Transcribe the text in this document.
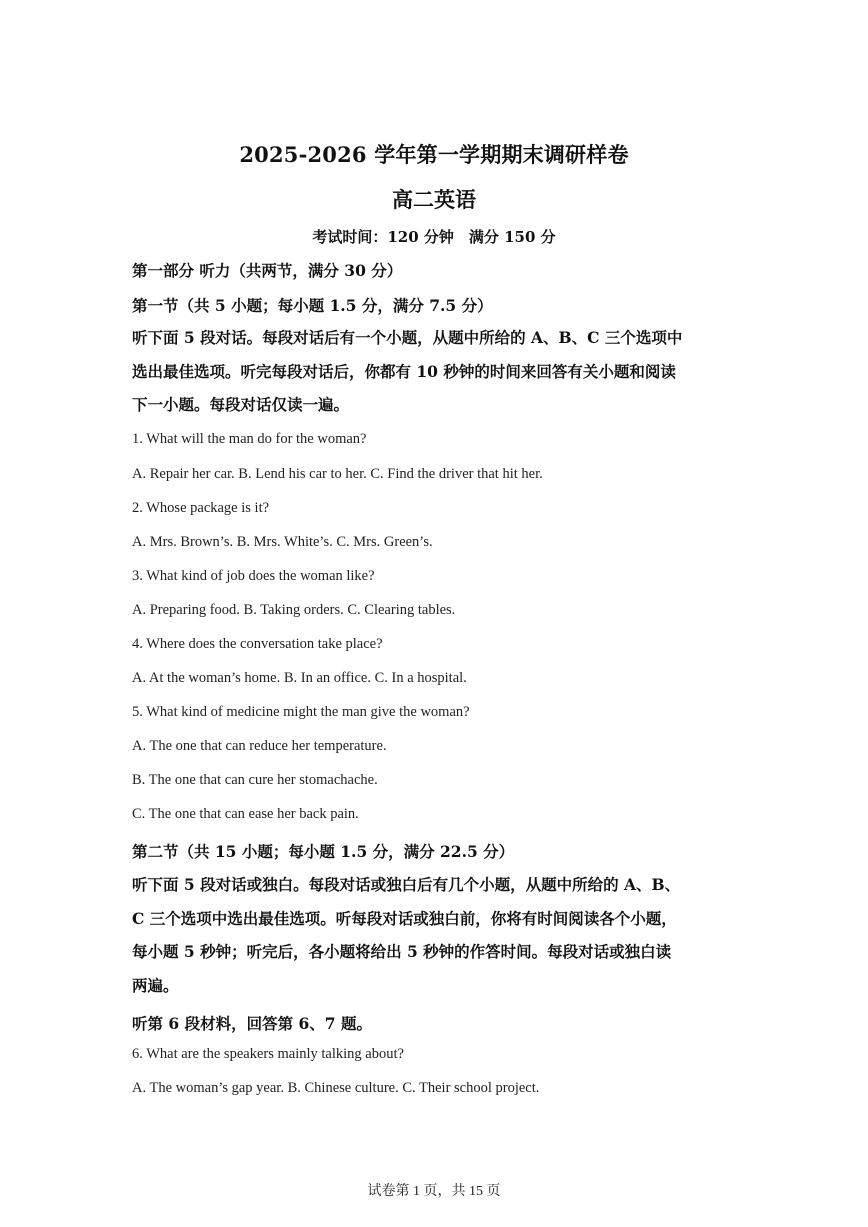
2025-2026 学年第一学期期末调研样卷
高二英语
考试时间：120 分钟　满分 150 分
第一部分 听力（共两节，满分 30 分）
第一节（共 5 小题；每小题 1.5 分，满分 7.5 分）
听下面 5 段对话。每段对话后有一个小题，从题中所给的 A、B、C 三个选项中
选出最佳选项。听完每段对话后，你都有 10 秒钟的时间来回答有关小题和阅读
下一小题。每段对话仅读一遍。
1. What will the man do for the woman?
A. Repair her car. B. Lend his car to her. C. Find the driver that hit her.
2. Whose package is it?
A. Mrs. Brown’s. B. Mrs. White’s. C. Mrs. Green’s.
3. What kind of job does the woman like?
A. Preparing food. B. Taking orders. C. Clearing tables.
4. Where does the conversation take place?
A. At the woman’s home. B. In an office. C. In a hospital.
5. What kind of medicine might the man give the woman?
A. The one that can reduce her temperature.
B. The one that can cure her stomachache.
C. The one that can ease her back pain.
第二节（共 15 小题；每小题 1.5 分，满分 22.5 分）
听下面 5 段对话或独白。每段对话或独白后有几个小题，从题中所给的 A、B、
C 三个选项中选出最佳选项。听每段对话或独白前，你将有时间阅读各个小题，
每小题 5 秒钟；听完后，各小题将给出 5 秒钟的作答时间。每段对话或独白读
两遍。
听第 6 段材料，回答第 6、7 题。
6. What are the speakers mainly talking about?
A. The woman’s gap year. B. Chinese culture. C. Their school project.
试卷第 1 页，共 15 页
